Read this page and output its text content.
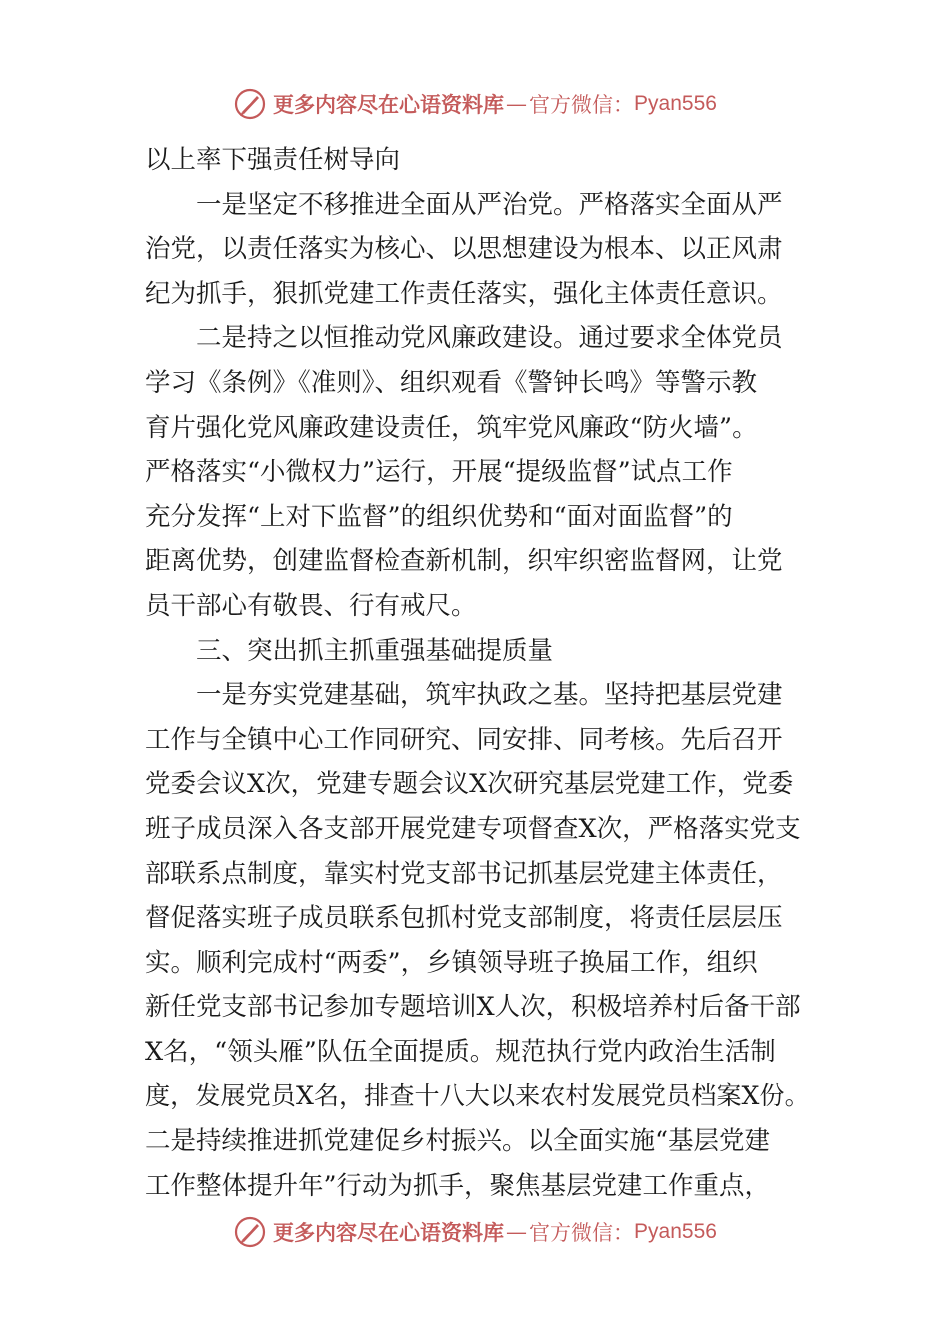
更多内容尽在心语资料库 — 官方微信： Pyan556
以上率下强责任树导向
一是坚定不移推进全面从严治党。严格落实全面从严
治党，以责任落实为核心、以思想建设为根本、以正风肃
纪为抓手，狠抓党建工作责任落实，强化主体责任意识。
二是持之以恒推动党风廉政建设。通过要求全体党员
学习《条例》《准则》、组织观看《警钟长鸣》等警示教
育片强化党风廉政建设责任，筑牢党风廉政“防火墙”。
严格落实“小微权力”运行，开展“提级监督”试点工作
充分发挥“上对下监督”的组织优势和“面对面监督”的
距离优势，创建监督检查新机制，织牢织密监督网，让党
员干部心有敬畏、行有戒尺。
三、突出抓主抓重强基础提质量
一是夯实党建基础，筑牢执政之基。坚持把基层党建
工作与全镇中心工作同研究、同安排、同考核。先后召开
党委会议X次，党建专题会议X次研究基层党建工作，党委
班子成员深入各支部开展党建专项督查X次，严格落实党支
部联系点制度，靠实村党支部书记抓基层党建主体责任，
督促落实班子成员联系包抓村党支部制度，将责任层层压
实。顺利完成村“两委”，乡镇领导班子换届工作，组织
新任党支部书记参加专题培训X人次，积极培养村后备干部
X名，“领头雁”队伍全面提质。规范执行党内政治生活制
度，发展党员X名，排查十八大以来农村发展党员档案X份。
二是持续推进抓党建促乡村振兴。以全面实施“基层党建
工作整体提升年”行动为抓手，聚焦基层党建工作重点，
更多内容尽在心语资料库 — 官方微信： Pyan556
